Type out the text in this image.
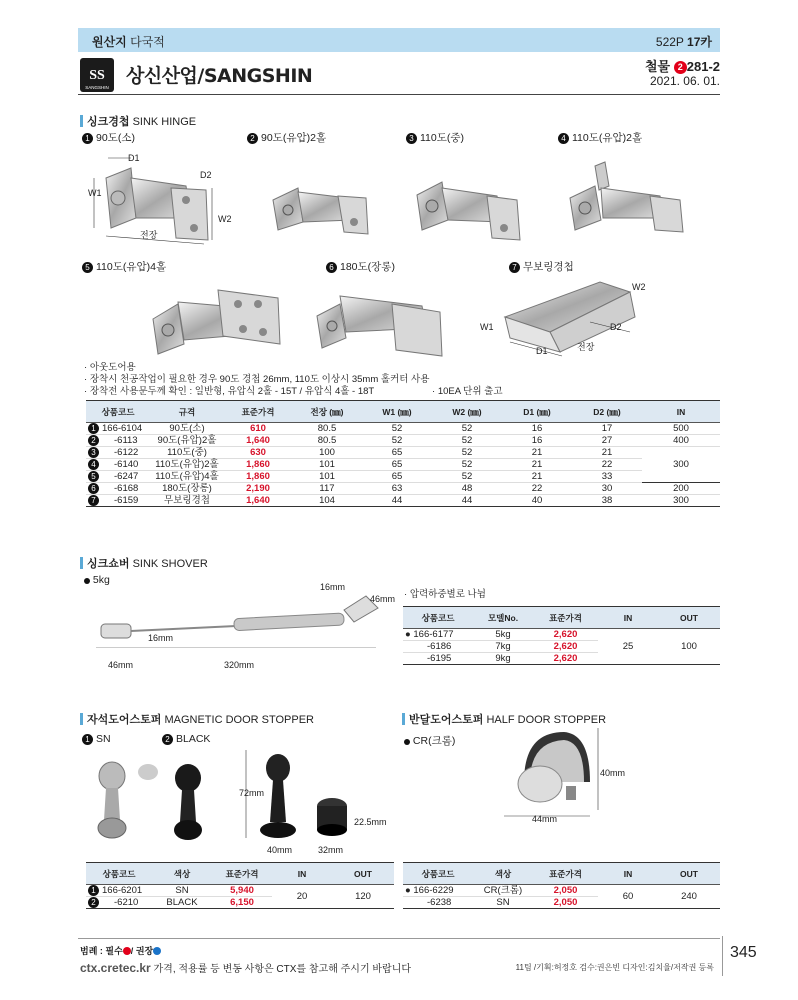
원산지 다국적	522P 17카
SS
SANGSHIN
상신산업/SANGSHIN	철물 2 281-2
2021. 06. 01.
싱크경첩 SINK HINGE
1 90도(소)	2 90도(유압)2홀	3 110도(중)	4 110도(유압)2홀
5 110도(유압)4홀	6 180도(장롱)	7 무보링경첩
D1
D2
W1
W2
전장
W2
W1	D2
D1	전장
· 아웃도어용
· 장착시 천공작업이 필요한 경우 90도 경첩 26mm, 110도 이상시 35mm 홀커터 사용
· 장착전 사용문두께 확인 : 일반형, 유압식 2홀 - 15T / 유압식 4홀 - 18T	· 10EA 단위 출고
상품코드	규격	표준가격	전장 (㎜)	W1 (㎜)	W2 (㎜)	D1 (㎜)	D2 (㎜)	IN
1 166-6104	90도(소)	610	80.5	52	52	16	17	500
2 -6113	90도(유압)2홀	1,640	80.5	52	52	16	27	400
3 -6122	110도(중)	630	100	65	52	21	21	300
4 -6140	110도(유압)2홀	1,860	101	65	52	21	22	
5 -6247	110도(유압)4홀	1,860	101	65	52	21	33	
6 -6168	180도(장롱)	2,190	117	63	48	22	30	200
7 -6159	무보링경첩	1,640	104	44	44	40	38	300
싱크쇼버 SINK SHOVER
5kg
16mm
46mm
16mm
46mm	320mm
· 압력하중별로 나뉨
상품코드	모델No.	표준가격	IN	OUT
● 166-6177	5kg	2,620	25	100
-6186	7kg	2,620		
-6195	9kg	2,620		
자석도어스토퍼 MAGNETIC DOOR STOPPER
1 SN	2 BLACK
72mm
40mm
22.5mm
32mm
상품코드	색상	표준가격	IN	OUT
1 166-6201	SN	5,940	20	120
2 -6210	BLACK	6,150		
반달도어스토퍼 HALF DOOR STOPPER
CR(크롬)
40mm
44mm
상품코드	색상	표준가격	IN	OUT
● 166-6229	CR(크롬)	2,050	60	240
-6238	SN	2,050		
범례 : 필수 / 권장
ctx.cretec.kr 가격, 적용률 등 변동 사항은 CTX를 참고해 주시기 바랍니다	11팀 /기획:허정호 검수:권은빈 디자인:김치율/저작권 등록
345
